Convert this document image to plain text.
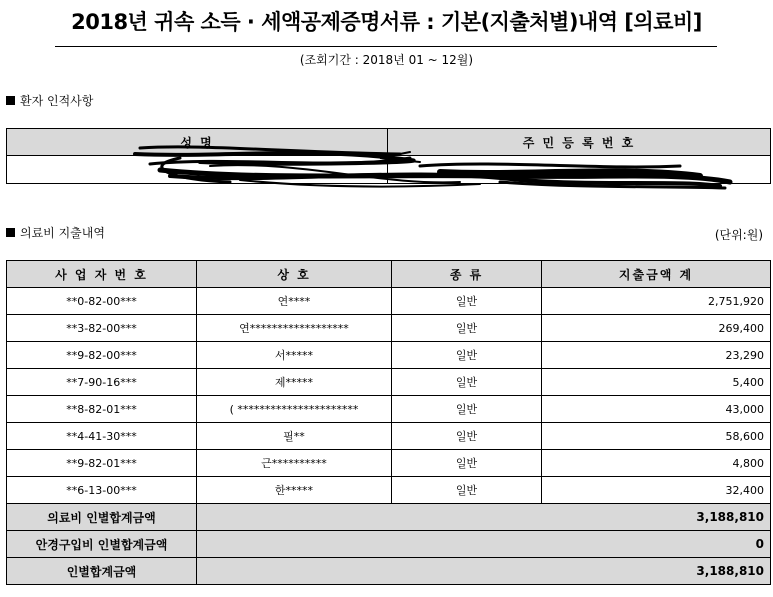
2018년 귀속 소득 · 세액공제증명서류 : 기본(지출처별)내역 [의료비]
(조회기간 : 2018년 01 ~ 12월)
환자 인적사항
성 명	주 민 등 록 번 호

의료비 지출내역	(단위:원)
사 업 자 번 호	상 호	종 류	지출금액 계
**0-82-00***	연****	일반	2,751,920
**3-82-00***	연******************	일반	269,400
**9-82-00***	서*****	일반	23,290
**7-90-16***	제*****	일반	5,400
**8-82-01***	( **********************	일반	43,000
**4-41-30***	필**	일반	58,600
**9-82-01***	근**********	일반	4,800
**6-13-00***	한*****	일반	32,400
의료비 인별합계금액	3,188,810		
안경구입비 인별합계금액	0		
인별합계금액	3,188,810		
